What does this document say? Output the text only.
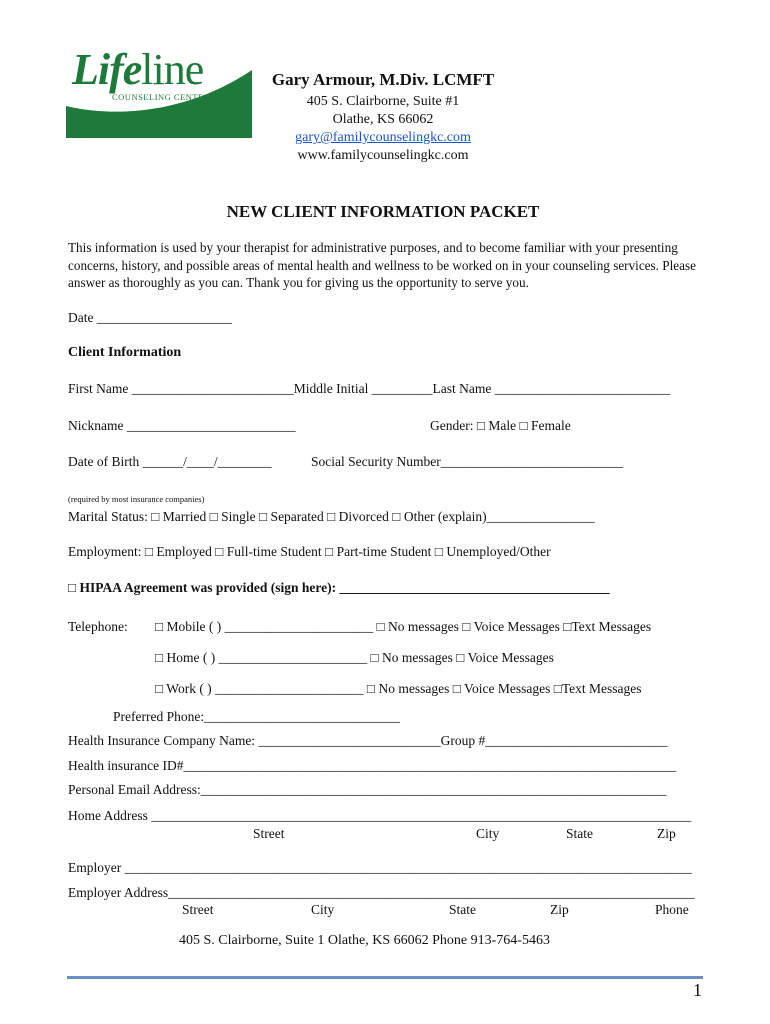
Lifeline
COUNSELING CENTER
Gary Armour, M.Div. LCMFT
405 S. Clairborne, Suite #1
Olathe, KS 66062
gary@familycounselingkc.com
www.familycounselingkc.com
NEW CLIENT INFORMATION PACKET
This information is used by your therapist for administrative purposes, and to become familiar with your presenting concerns, history, and possible areas of mental health and wellness to be worked on in your counseling services. Please answer as thoroughly as you can. Thank you for giving us the opportunity to serve you.
Date ____________________
Client Information
First Name ________________________Middle Initial _________Last Name __________________________
Nickname _________________________	Gender: □ Male □ Female
Date of Birth ______/____/________	Social Security Number___________________________
(required by most insurance companies)
Marital Status: □ Married □ Single □ Separated □ Divorced □ Other (explain)________________
Employment: □ Employed □ Full-time Student □ Part-time Student □ Unemployed/Other
□ HIPAA Agreement was provided (sign here): ________________________________________
Telephone: □ Mobile ( ) ______________________ □ No messages □ Voice Messages □Text Messages
□ Home ( ) ______________________ □ No messages □ Voice Messages
□ Work ( ) ______________________ □ No messages □ Voice Messages □Text Messages
Preferred Phone:_____________________________
Health Insurance Company Name: ___________________________Group #___________________________
Health insurance ID#_________________________________________________________________________
Personal Email Address:_____________________________________________________________________
Home Address ________________________________________________________________________________
Street	City	State	Zip
Employer ____________________________________________________________________________________
Employer Address______________________________________________________________________________
Street	City	State	Zip	Phone
405 S. Clairborne, Suite 1 Olathe, KS 66062 Phone 913-764-5463
1
